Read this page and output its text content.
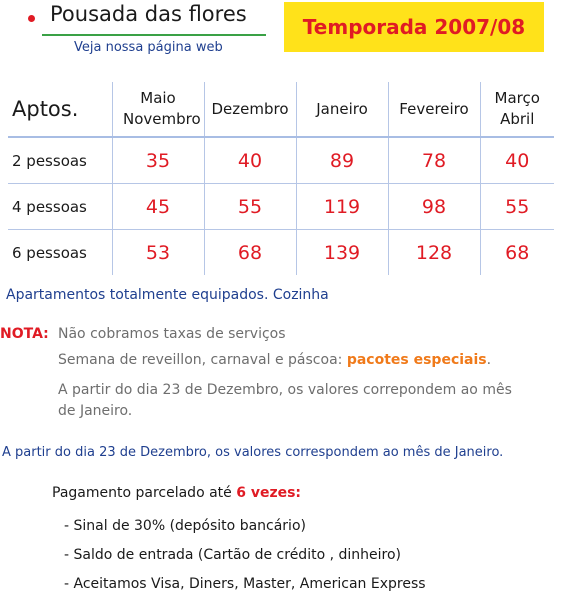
Pousada das flores
Veja nossa página web
Temporada 2007/08
Aptos.	Maio Novembro	Dezembro	Janeiro	Fevereiro	Março Abril
2 pessoas	35	40	89	78	40
4 pessoas	45	55	119	98	55
6 pessoas	53	68	139	128	68
Apartamentos totalmente equipados. Cozinha
NOTA: Não cobramos taxas de serviços
Semana de reveillon, carnaval e páscoa: pacotes especiais.
A partir do dia 23 de Dezembro, os valores correpondem ao mês de Janeiro.
A partir do dia 23 de Dezembro, os valores correspondem ao mês de Janeiro.
Pagamento parcelado até 6 vezes:
- Sinal de 30% (depósito bancário)
- Saldo de entrada (Cartão de crédito , dinheiro)
- Aceitamos Visa, Diners, Master, American Express
